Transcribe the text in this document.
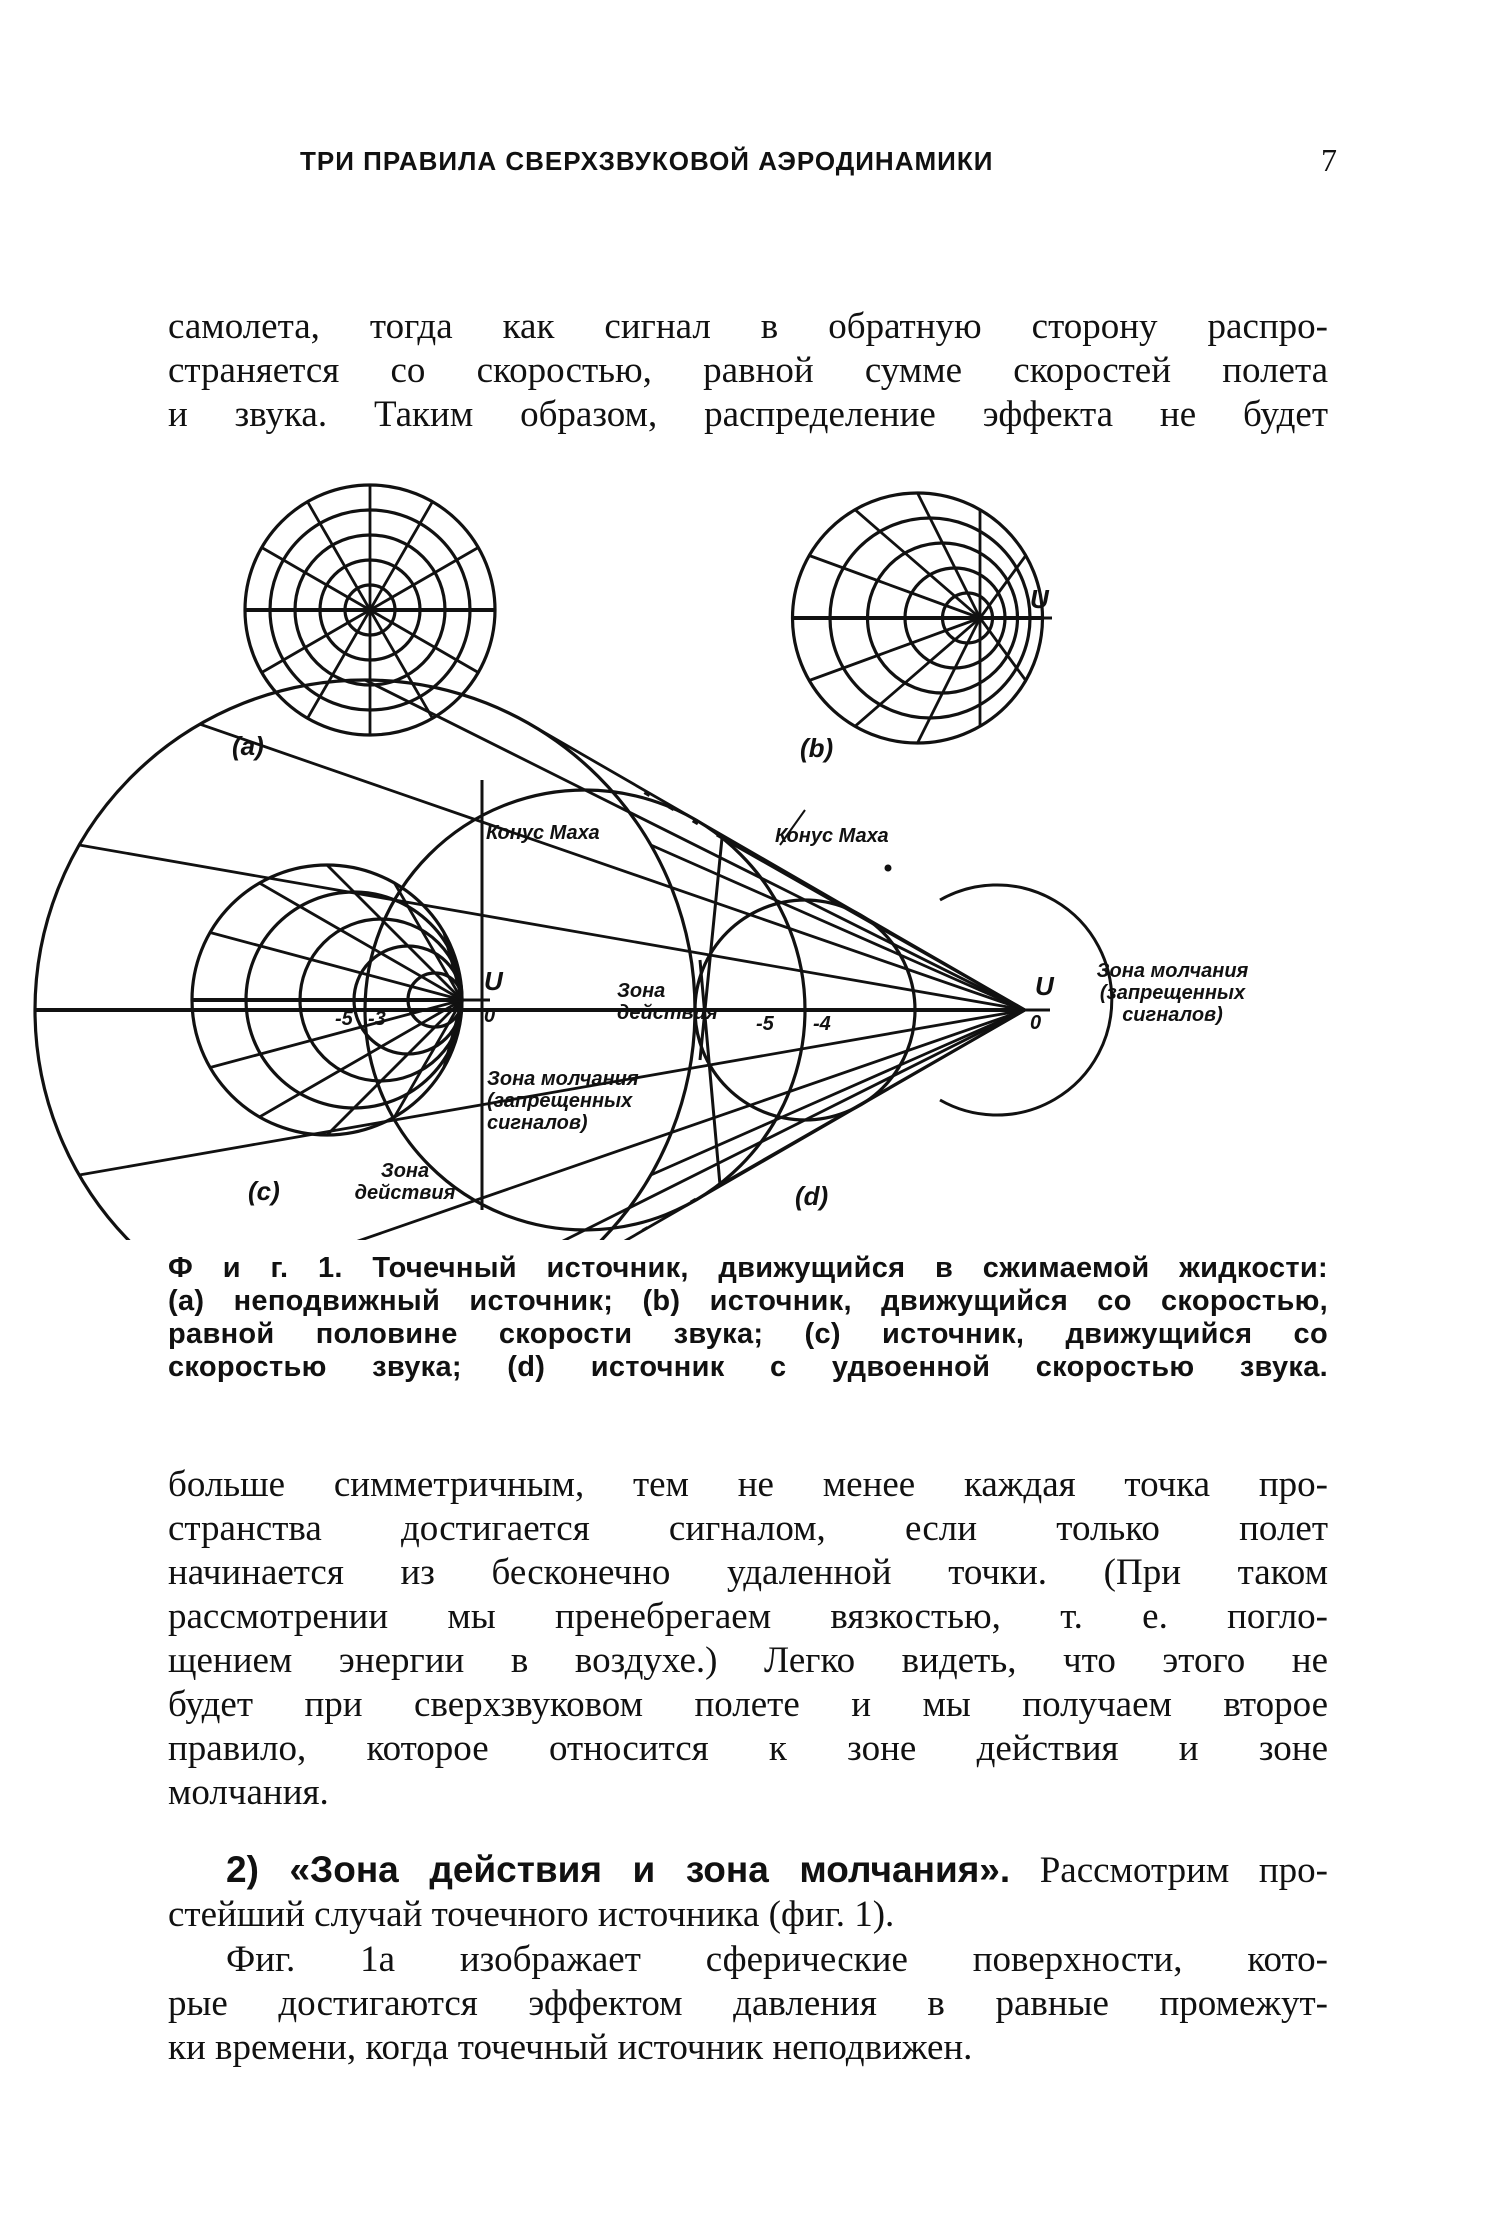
ТРИ ПРАВИЛА СВЕРХЗВУКОВОЙ АЭРОДИНАМИКИ	7
самолета, тогда как сигнал в обратную сторону распро-
страняется со скоростью, равной сумме скоростей полета
и звука. Таким образом, распределение эффекта не будет
(a)	(b)
U
Конус Маха
U
0
-5 -3
Зона молчания
(запрещенных сигналов)
Зона действия
(c)
Конус Маха
U
0
Зона действия	-5 -4
Зона молчания
(запрещенных сигналов)
(d)
Ф и г. 1. Точечный источник, движущийся в сжимаемой жидкости:
(a) неподвижный источник; (b) источник, движущийся со скоростью,
равной половине скорости звука; (c) источник, движущийся со
скоростью звука; (d) источник с удвоенной скоростью звука.
больше симметричным, тем не менее каждая точка про-
странства достигается сигналом, если только полет
начинается из бесконечно удаленной точки. (При таком
рассмотрении мы пренебрегаем вязкостью, т. е. погло-
щением энергии в воздухе.) Легко видеть, что этого не
будет при сверхзвуковом полете и мы получаем второе
правило, которое относится к зоне действия и зоне
молчания.
2) «Зона действия и зона молчания». Рассмотрим про-
стейший случай точечного источника (фиг. 1).
Фиг. 1а изображает сферические поверхности, кото-
рые достигаются эффектом давления в равные промежут-
ки времени, когда точечный источник неподвижен.
